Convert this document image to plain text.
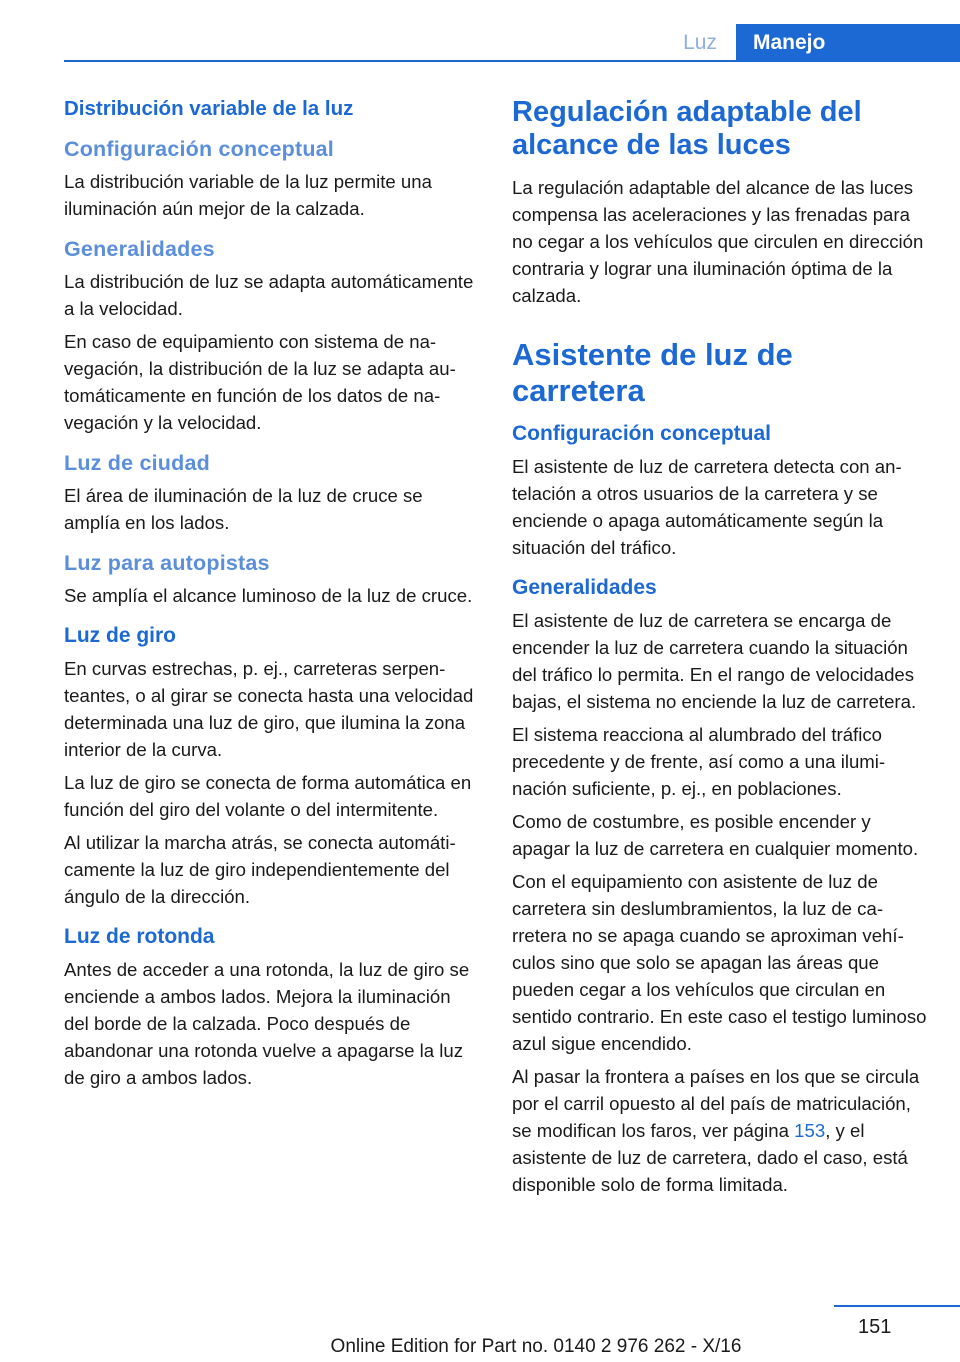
Luz	Manejo

Distribución variable de la luz

Configuración conceptual

La distribución variable de la luz permite una iluminación aún mejor de la calzada.

Generalidades

La distribución de luz se adapta automáticamente a la velocidad.

En caso de equipamiento con sistema de navegación, la distribución de la luz se adapta automáticamente en función de los datos de navegación y la velocidad.

Luz de ciudad

El área de iluminación de la luz de cruce se amplía en los lados.

Luz para autopistas

Se amplía el alcance luminoso de la luz de cruce.

Luz de giro

En curvas estrechas, p. ej., carreteras serpenteantes, o al girar se conecta hasta una velocidad determinada una luz de giro, que ilumina la zona interior de la curva.

La luz de giro se conecta de forma automática en función del giro del volante o del intermitente.

Al utilizar la marcha atrás, se conecta automáticamente la luz de giro independientemente del ángulo de la dirección.

Luz de rotonda

Antes de acceder a una rotonda, la luz de giro se enciende a ambos lados. Mejora la iluminación del borde de la calzada. Poco después de abandonar una rotonda vuelve a apagarse la luz de giro a ambos lados.

Regulación adaptable del alcance de las luces

La regulación adaptable del alcance de las luces compensa las aceleraciones y las frenadas para no cegar a los vehículos que circulen en dirección contraria y lograr una iluminación óptima de la calzada.

Asistente de luz de carretera

Configuración conceptual

El asistente de luz de carretera detecta con antelación a otros usuarios de la carretera y se enciende o apaga automáticamente según la situación del tráfico.

Generalidades

El asistente de luz de carretera se encarga de encender la luz de carretera cuando la situación del tráfico lo permita. En el rango de velocidades bajas, el sistema no enciende la luz de carretera.

El sistema reacciona al alumbrado del tráfico precedente y de frente, así como a una iluminación suficiente, p. ej., en poblaciones.

Como de costumbre, es posible encender y apagar la luz de carretera en cualquier momento.

Con el equipamiento con asistente de luz de carretera sin deslumbramientos, la luz de carretera no se apaga cuando se aproximan vehículos sino que solo se apagan las áreas que pueden cegar a los vehículos que circulan en sentido contrario. En este caso el testigo luminoso azul sigue encendido.

Al pasar la frontera a países en los que se circula por el carril opuesto al del país de matriculación, se modifican los faros, ver página 153, y el asistente de luz de carretera, dado el caso, está disponible solo de forma limitada.

151
Online Edition for Part no. 0140 2 976 262 - X/16
